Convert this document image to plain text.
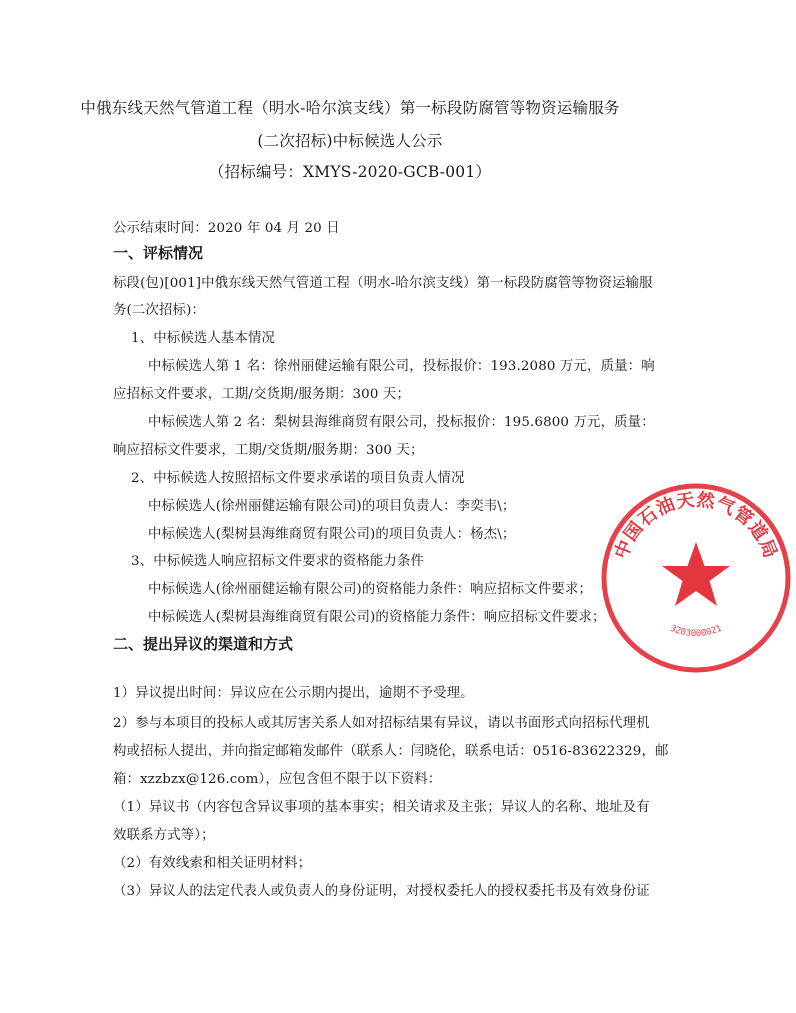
中俄东线天然气管道工程（明水-哈尔滨支线）第一标段防腐管等物资运输服务
(二次招标)中标候选人公示
（招标编号：XMYS-2020-GCB-001）
公示结束时间：2020 年 04 月 20 日
一、评标情况
标段(包)[001]中俄东线天然气管道工程（明水-哈尔滨支线）第一标段防腐管等物资运输服
务(二次招标)：
1、中标候选人基本情况
中标候选人第 1 名：徐州丽健运输有限公司，投标报价：193.2080 万元，质量：响
应招标文件要求，工期/交货期/服务期：300 天；
中标候选人第 2 名：梨树县海维商贸有限公司，投标报价：195.6800 万元，质量：
响应招标文件要求，工期/交货期/服务期：300 天；
2、中标候选人按照招标文件要求承诺的项目负责人情况
中标候选人(徐州丽健运输有限公司)的项目负责人：李奕韦\；
中标候选人(梨树县海维商贸有限公司)的项目负责人：杨杰\；
3、中标候选人响应招标文件要求的资格能力条件
中标候选人(徐州丽健运输有限公司)的资格能力条件：响应招标文件要求；
中标候选人(梨树县海维商贸有限公司)的资格能力条件：响应招标文件要求；
二、提出异议的渠道和方式
1）异议提出时间：异议应在公示期内提出，逾期不予受理。
2）参与本项目的投标人或其厉害关系人如对招标结果有异议，请以书面形式向招标代理机
构或招标人提出，并向指定邮箱发邮件（联系人：闫晓伦，联系电话：0516-83622329，邮
箱：xzzbzx@126.com），应包含但不限于以下资料：
（1）异议书（内容包含异议事项的基本事实；相关请求及主张；异议人的名称、地址及有
效联系方式等）；
（2）有效线索和相关证明材料；
（3）异议人的法定代表人或负责人的身份证明，对授权委托人的授权委托书及有效身份证
中国石油天然气管道局
3203000021
